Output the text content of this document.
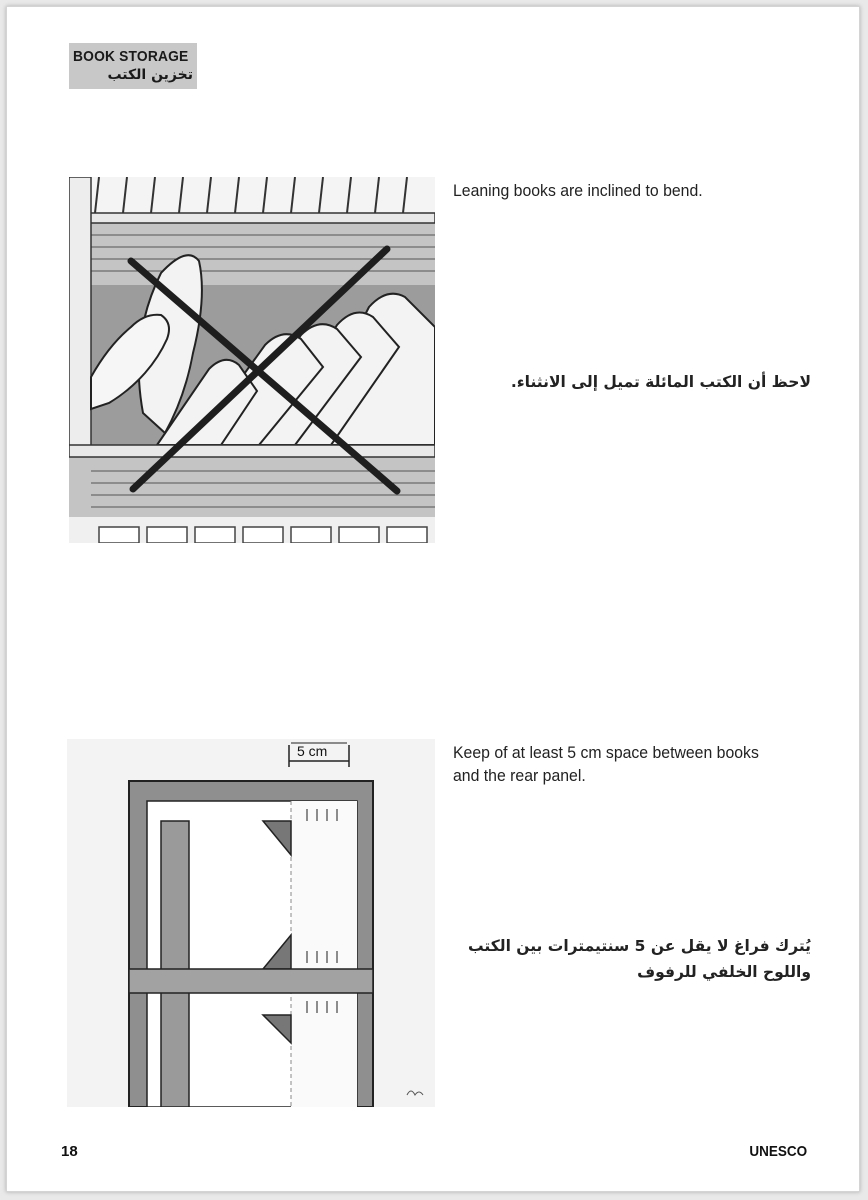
BOOK STORAGE
تخزين الكتب
Leaning books are inclined to bend.
لاحظ أن الكتب المائلة تميل إلى الانثناء.
5 cm	Keep of at least 5 cm space between books
and the rear panel.
يُترك فراغ لا يقل عن 5 سنتيمترات بين الكتب
واللوح الخلفي للرفوف
18	UNESCO
